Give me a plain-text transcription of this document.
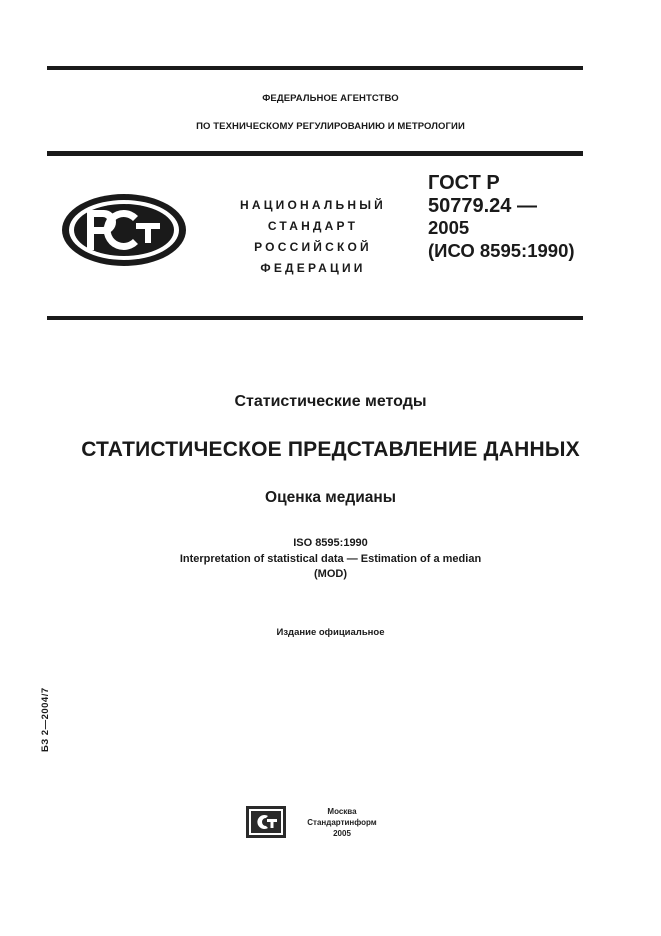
ФЕДЕРАЛЬНОЕ АГЕНТСТВО
ПО ТЕХНИЧЕСКОМУ РЕГУЛИРОВАНИЮ И МЕТРОЛОГИИ
НАЦИОНАЛЬНЫЙ
СТАНДАРТ
РОССИЙСКОЙ
ФЕДЕРАЦИИ
ГОСТ Р
50779.24 —
2005
(ИСО 8595:1990)
Статистические методы
СТАТИСТИЧЕСКОЕ ПРЕДСТАВЛЕНИЕ ДАННЫХ
Оценка медианы
ISO 8595:1990
Interpretation of statistical data — Estimation of a median
(MOD)
Издание официальное
БЗ 2—2004/7
Москва
Стандартинформ
2005
